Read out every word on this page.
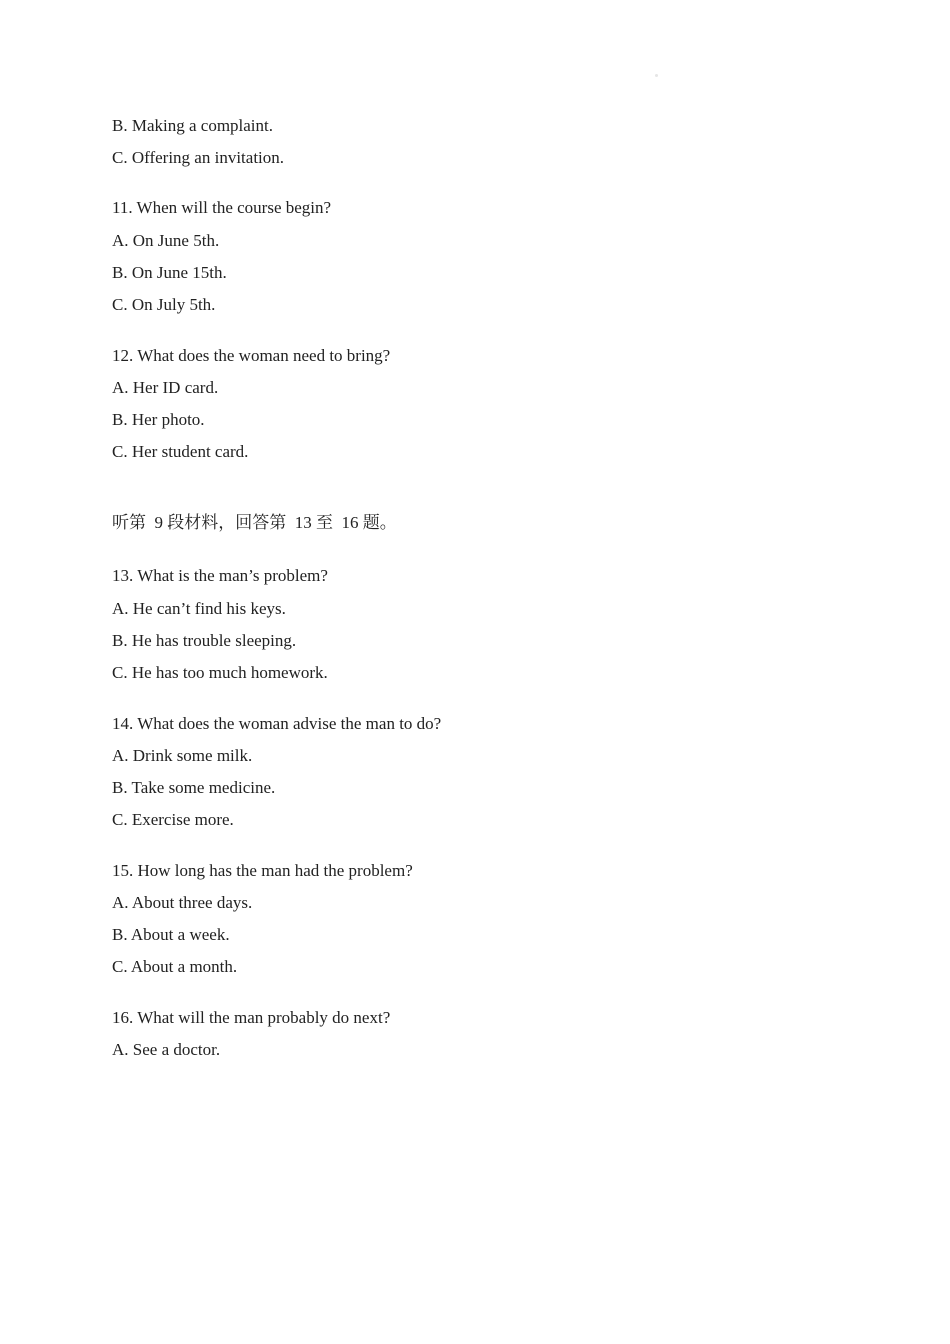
B. Making a complaint.
C. Offering an invitation.
11. When will the course begin?
A. On June 5th.
B. On June 15th.
C. On July 5th.
12. What does the woman need to bring?
A. Her ID card.
B. Her photo.
C. Her student card.
听第  9 段材料，回答第  13 至  16 题。
13. What is the man’s problem?
A. He can’t find his keys.
B. He has trouble sleeping.
C. He has too much homework.
14. What does the woman advise the man to do?
A. Drink some milk.
B. Take some medicine.
C. Exercise more.
15. How long has the man had the problem?
A. About three days.
B. About a week.
C. About a month.
16. What will the man probably do next?
A. See a doctor.
